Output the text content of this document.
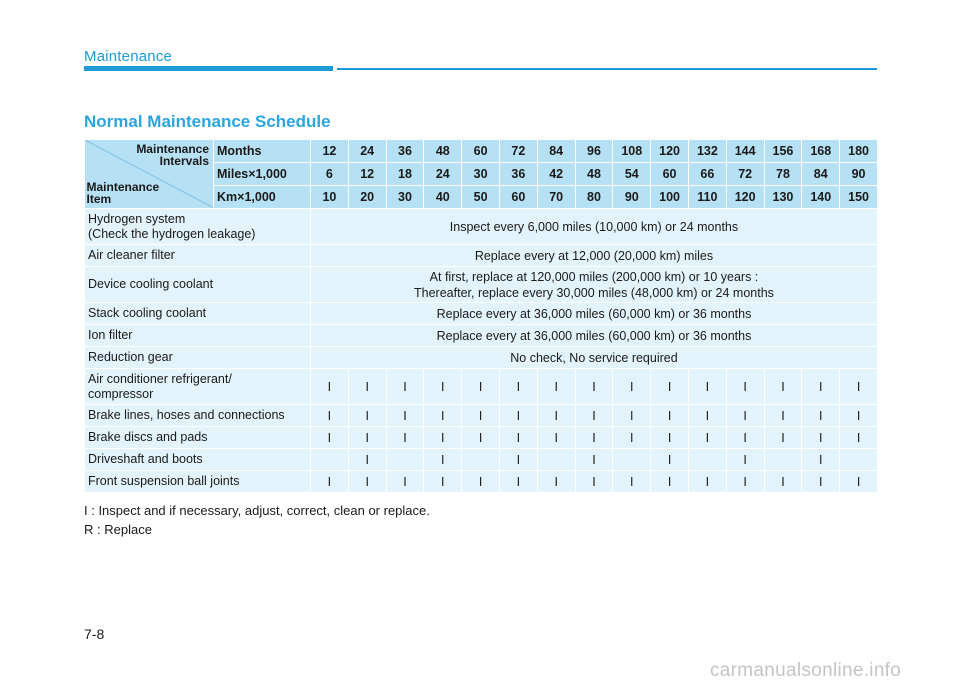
Maintenance
Normal Maintenance Schedule
Maintenance
Intervals
Maintenance
Item	Months	12	24	36	48	60	72	84	96	108	120	132	144	156	168	180
	Miles×1,000	6	12	18	24	30	36	42	48	54	60	66	72	78	84	90
	Km×1,000	10	20	30	40	50	60	70	80	90	100	110	120	130	140	150
Hydrogen system
(Check the hydrogen leakage)		Inspect every 6,000 miles (10,000 km) or 24 months														
Air cleaner filter		Replace every at 12,000 (20,000 km) miles														
Device cooling coolant		At first, replace at 120,000 miles (200,000 km) or 10 years :
Thereafter, replace every 30,000 miles (48,000 km) or 24 months														
Stack cooling coolant		Replace every at 36,000 miles (60,000 km) or 36 months														
Ion filter		Replace every at 36,000 miles (60,000 km) or 36 months														
Reduction gear		No check, No service required														
Air conditioner refrigerant/
compressor		I	I	I	I	I	I	I	I	I	I	I	I	I	I	I
Brake lines, hoses and connections		I	I	I	I	I	I	I	I	I	I	I	I	I	I	I
Brake discs and pads		I	I	I	I	I	I	I	I	I	I	I	I	I	I	I
Driveshaft and boots			I		I		I		I		I		I		I	
Front suspension ball joints		I	I	I	I	I	I	I	I	I	I	I	I	I	I	I
I : Inspect and if necessary, adjust, correct, clean or replace.
R : Replace
7-8
carmanualsonline.info
